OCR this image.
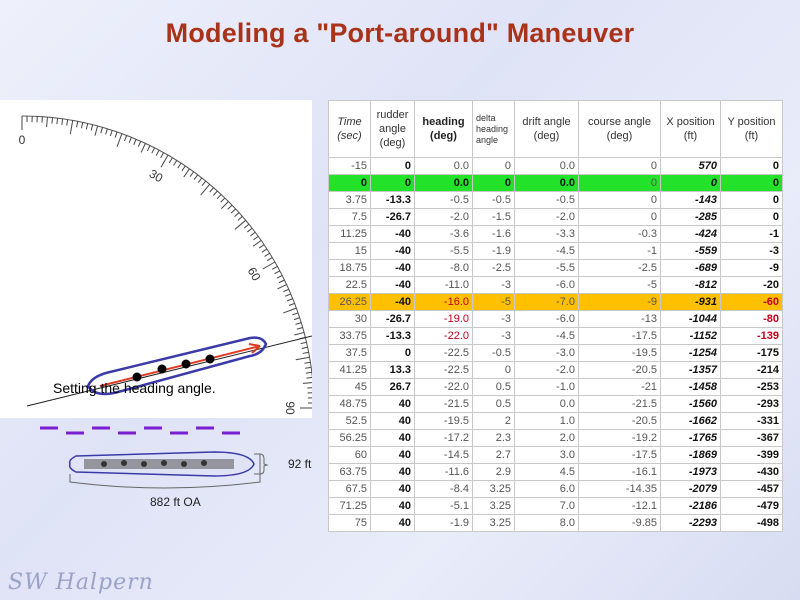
Modeling a "Port-around" Maneuver
0
30
60
90
Setting the heading angle.
92 ft
882 ft OA
Time (sec)	rudder angle (deg)	heading (deg)	delta heading angle	drift angle (deg)	course angle (deg)	X position (ft)	Y position (ft)
-15	0	0.0	0	0.0	0	570	0
0	0	0.0	0	0.0	0	0	0
3.75	-13.3	-0.5	-0.5	-0.5	0	-143	0
7.5	-26.7	-2.0	-1.5	-2.0	0	-285	0
11.25	-40	-3.6	-1.6	-3.3	-0.3	-424	-1
15	-40	-5.5	-1.9	-4.5	-1	-559	-3
18.75	-40	-8.0	-2.5	-5.5	-2.5	-689	-9
22.5	-40	-11.0	-3	-6.0	-5	-812	-20
26.25	-40	-16.0	-5	-7.0	-9	-931	-60
30	-26.7	-19.0	-3	-6.0	-13	-1044	-80
33.75	-13.3	-22.0	-3	-4.5	-17.5	-1152	-139
37.5	0	-22.5	-0.5	-3.0	-19.5	-1254	-175
41.25	13.3	-22.5	0	-2.0	-20.5	-1357	-214
45	26.7	-22.0	0.5	-1.0	-21	-1458	-253
48.75	40	-21.5	0.5	0.0	-21.5	-1560	-293
52.5	40	-19.5	2	1.0	-20.5	-1662	-331
56.25	40	-17.2	2.3	2.0	-19.2	-1765	-367
60	40	-14.5	2.7	3.0	-17.5	-1869	-399
63.75	40	-11.6	2.9	4.5	-16.1	-1973	-430
67.5	40	-8.4	3.25	6.0	-14.35	-2079	-457
71.25	40	-5.1	3.25	7.0	-12.1	-2186	-479
75	40	-1.9	3.25	8.0	-9.85	-2293	-498
SW Halpern
